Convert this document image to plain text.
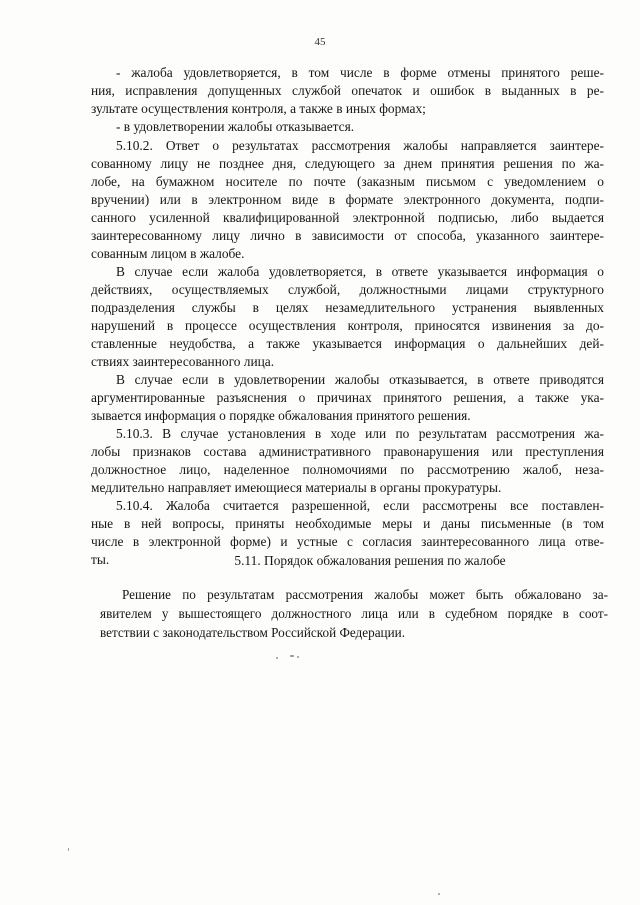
45
- жалоба удовлетворяется, в том числе в форме отмены принятого реше-
ния, исправления допущенных службой опечаток и ошибок в выданных в ре-
зультате осуществления контроля, а также в иных формах;
- в удовлетворении жалобы отказывается.
5.10.2. Ответ о результатах рассмотрения жалобы направляется заинтере-
сованному лицу не позднее дня, следующего за днем принятия решения по жа-
лобе, на бумажном носителе по почте (заказным письмом с уведомлением о
вручении) или в электронном виде в формате электронного документа, подпи-
санного усиленной квалифицированной электронной подписью, либо выдается
заинтересованному лицу лично в зависимости от способа, указанного заинтере-
сованным лицом в жалобе.
В случае если жалоба удовлетворяется, в ответе указывается информация о
действиях, осуществляемых службой, должностными лицами структурного
подразделения службы в целях незамедлительного устранения выявленных
нарушений в процессе осуществления контроля, приносятся извинения за до-
ставленные неудобства, а также указывается информация о дальнейших дей-
ствиях заинтересованного лица.
В случае если в удовлетворении жалобы отказывается, в ответе приводятся
аргументированные разъяснения о причинах принятого решения, а также ука-
зывается информация о порядке обжалования принятого решения.
5.10.3. В случае установления в ходе или по результатам рассмотрения жа-
лобы признаков состава административного правонарушения или преступления
должностное лицо, наделенное полномочиями по рассмотрению жалоб, неза-
медлительно направляет имеющиеся материалы в органы прокуратуры.
5.10.4. Жалоба считается разрешенной, если рассмотрены все поставлен-
ные в ней вопросы, приняты необходимые меры и даны письменные (в том
числе в электронной форме) и устные с согласия заинтересованного лица отве-
ты.	5.11. Порядок обжалования решения по жалобе
Решение по результатам рассмотрения жалобы может быть обжаловано за-
явителем у вышестоящего должностного лица или в судебном порядке в соот-
ветствии с законодательством Российской Федерации.
